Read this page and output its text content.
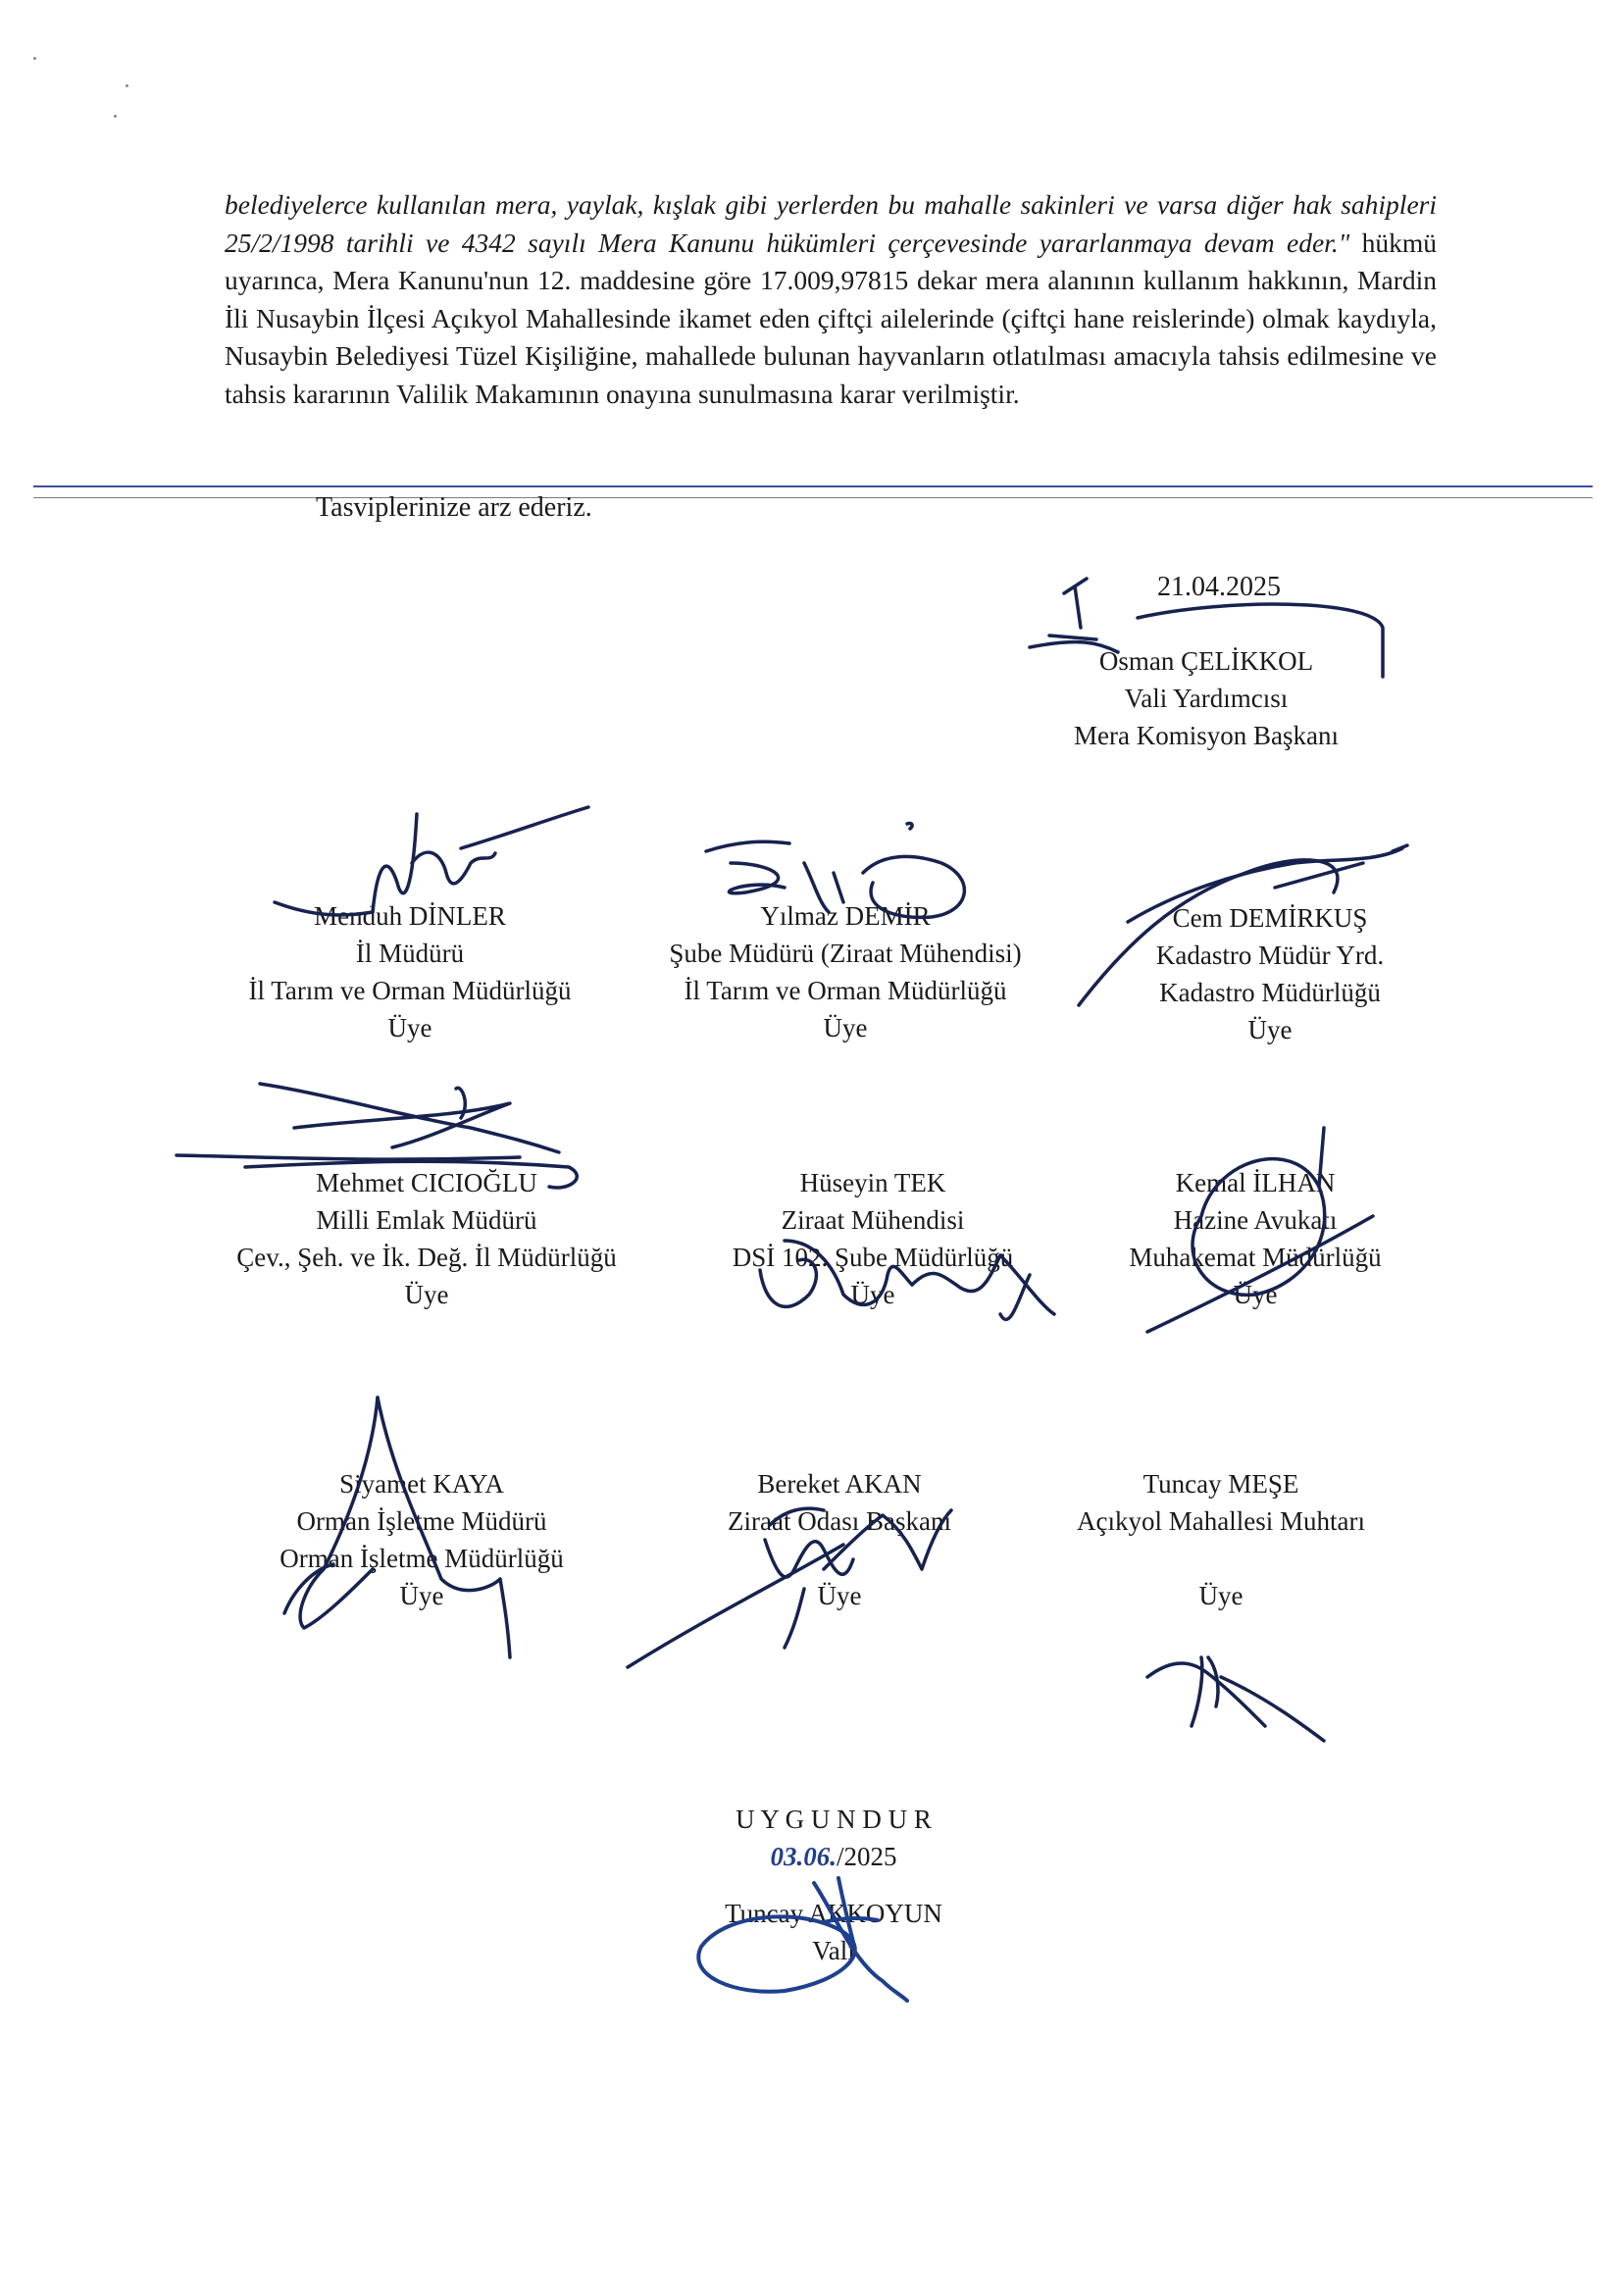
belediyelerce kullanılan mera, yaylak, kışlak gibi yerlerden bu mahalle sakinleri ve varsa diğer hak sahipleri 25/2/1998 tarihli ve 4342 sayılı Mera Kanunu hükümleri çerçevesinde yararlanmaya devam eder." hükmü uyarınca, Mera Kanunu'nun 12. maddesine göre 17.009,97815 dekar mera alanının kullanım hakkının, Mardin İli Nusaybin İlçesi Açıkyol Mahallesinde ikamet eden çiftçi ailelerinde (çiftçi hane reislerinde) olmak kaydıyla, Nusaybin Belediyesi Tüzel Kişiliğine, mahallede bulunan hayvanların otlatılması amacıyla tahsis edilmesine ve tahsis kararının Valilik Makamının onayına sunulmasına karar verilmiştir.
Tasviplerinize arz ederiz.
21.04.2025
Osman ÇELİKKOL
Vali Yardımcısı
Mera Komisyon Başkanı
Menduh DİNLER
İl Müdürü
İl Tarım ve Orman Müdürlüğü
Üye
Yılmaz DEMİR
Şube Müdürü (Ziraat Mühendisi)
İl Tarım ve Orman Müdürlüğü
Üye
Cem DEMİRKUŞ
Kadastro Müdür Yrd.
Kadastro Müdürlüğü
Üye
Mehmet CICIOĞLU
Milli Emlak Müdürü
Çev., Şeh. ve İk. Değ. İl Müdürlüğü
Üye
Hüseyin TEK
Ziraat Mühendisi
DSİ 102. Şube Müdürlüğü
Üye
Kemal İLHAN
Hazine Avukatı
Muhakemat Müdürlüğü
Üye
Siyamet KAYA
Orman İşletme Müdürü
Orman İşletme Müdürlüğü
Üye
Bereket AKAN
Ziraat Odası Başkanı
Üye
Tuncay MEŞE
Açıkyol Mahallesi Muhtarı
Üye
U Y G U N D U R
03.06./2025
Tuncay AKKOYUN
Vali
